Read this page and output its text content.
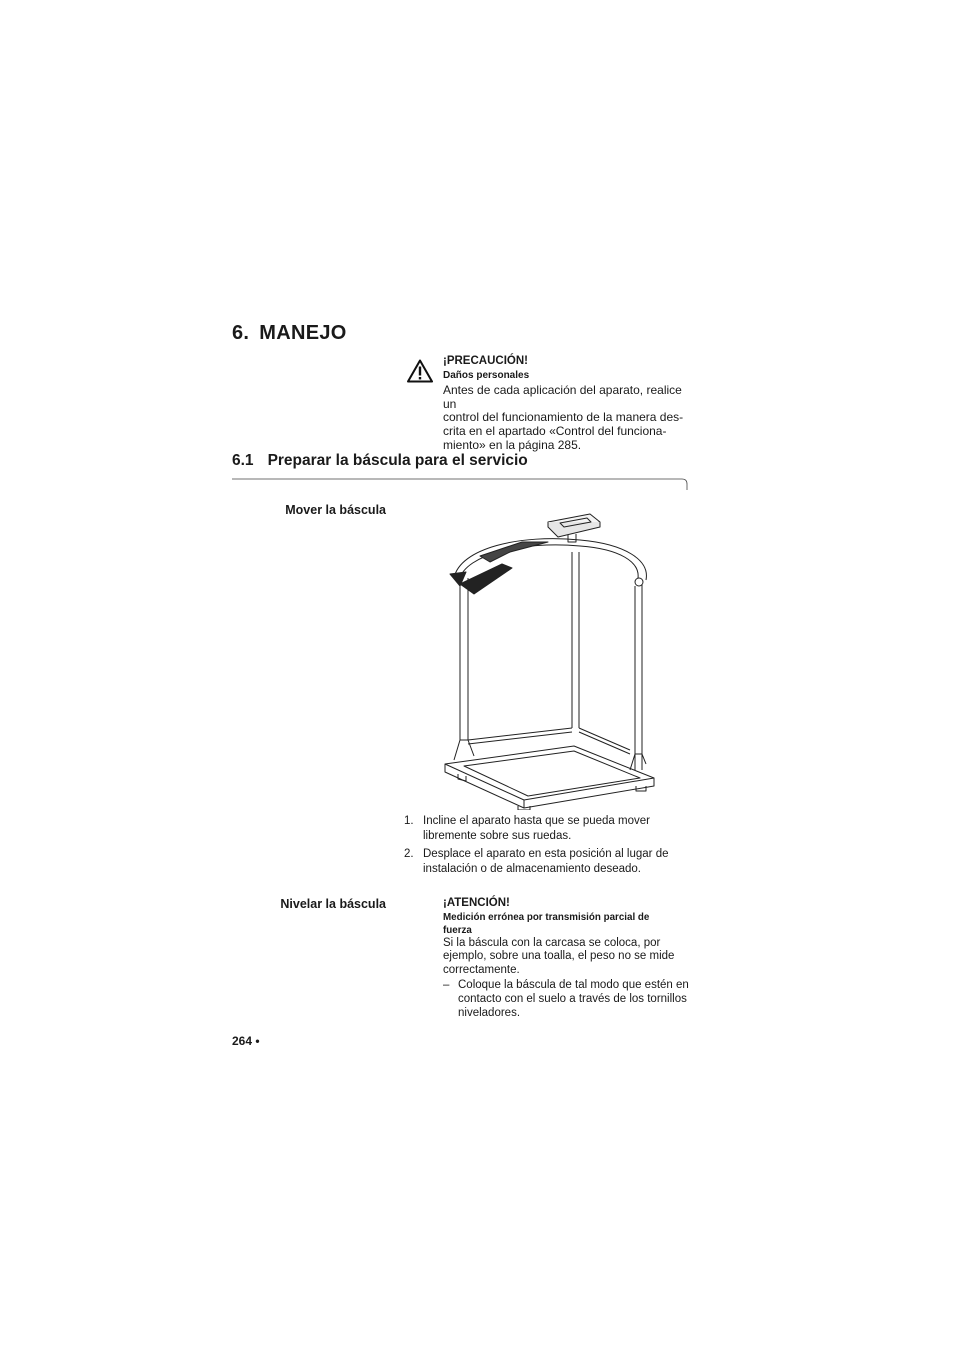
6. MANEJO
¡PRECAUCIÓN!
Daños personales
Antes de cada aplicación del aparato, realice un
control del funcionamiento de la manera des-
crita en el apartado «Control del funciona-
miento» en la página 285.
6.1 Preparar la báscula para el servicio
Mover la báscula
1. Incline el aparato hasta que se pueda mover
libremente sobre sus ruedas.
2. Desplace el aparato en esta posición al lugar de
instalación o de almacenamiento deseado.
Nivelar la báscula	¡ATENCIÓN!
Medición errónea por transmisión parcial de
fuerza
Si la báscula con la carcasa se coloca, por
ejemplo, sobre una toalla, el peso no se mide
correctamente.
– Coloque la báscula de tal modo que estén en
contacto con el suelo a través de los tornillos
niveladores.
264 •
